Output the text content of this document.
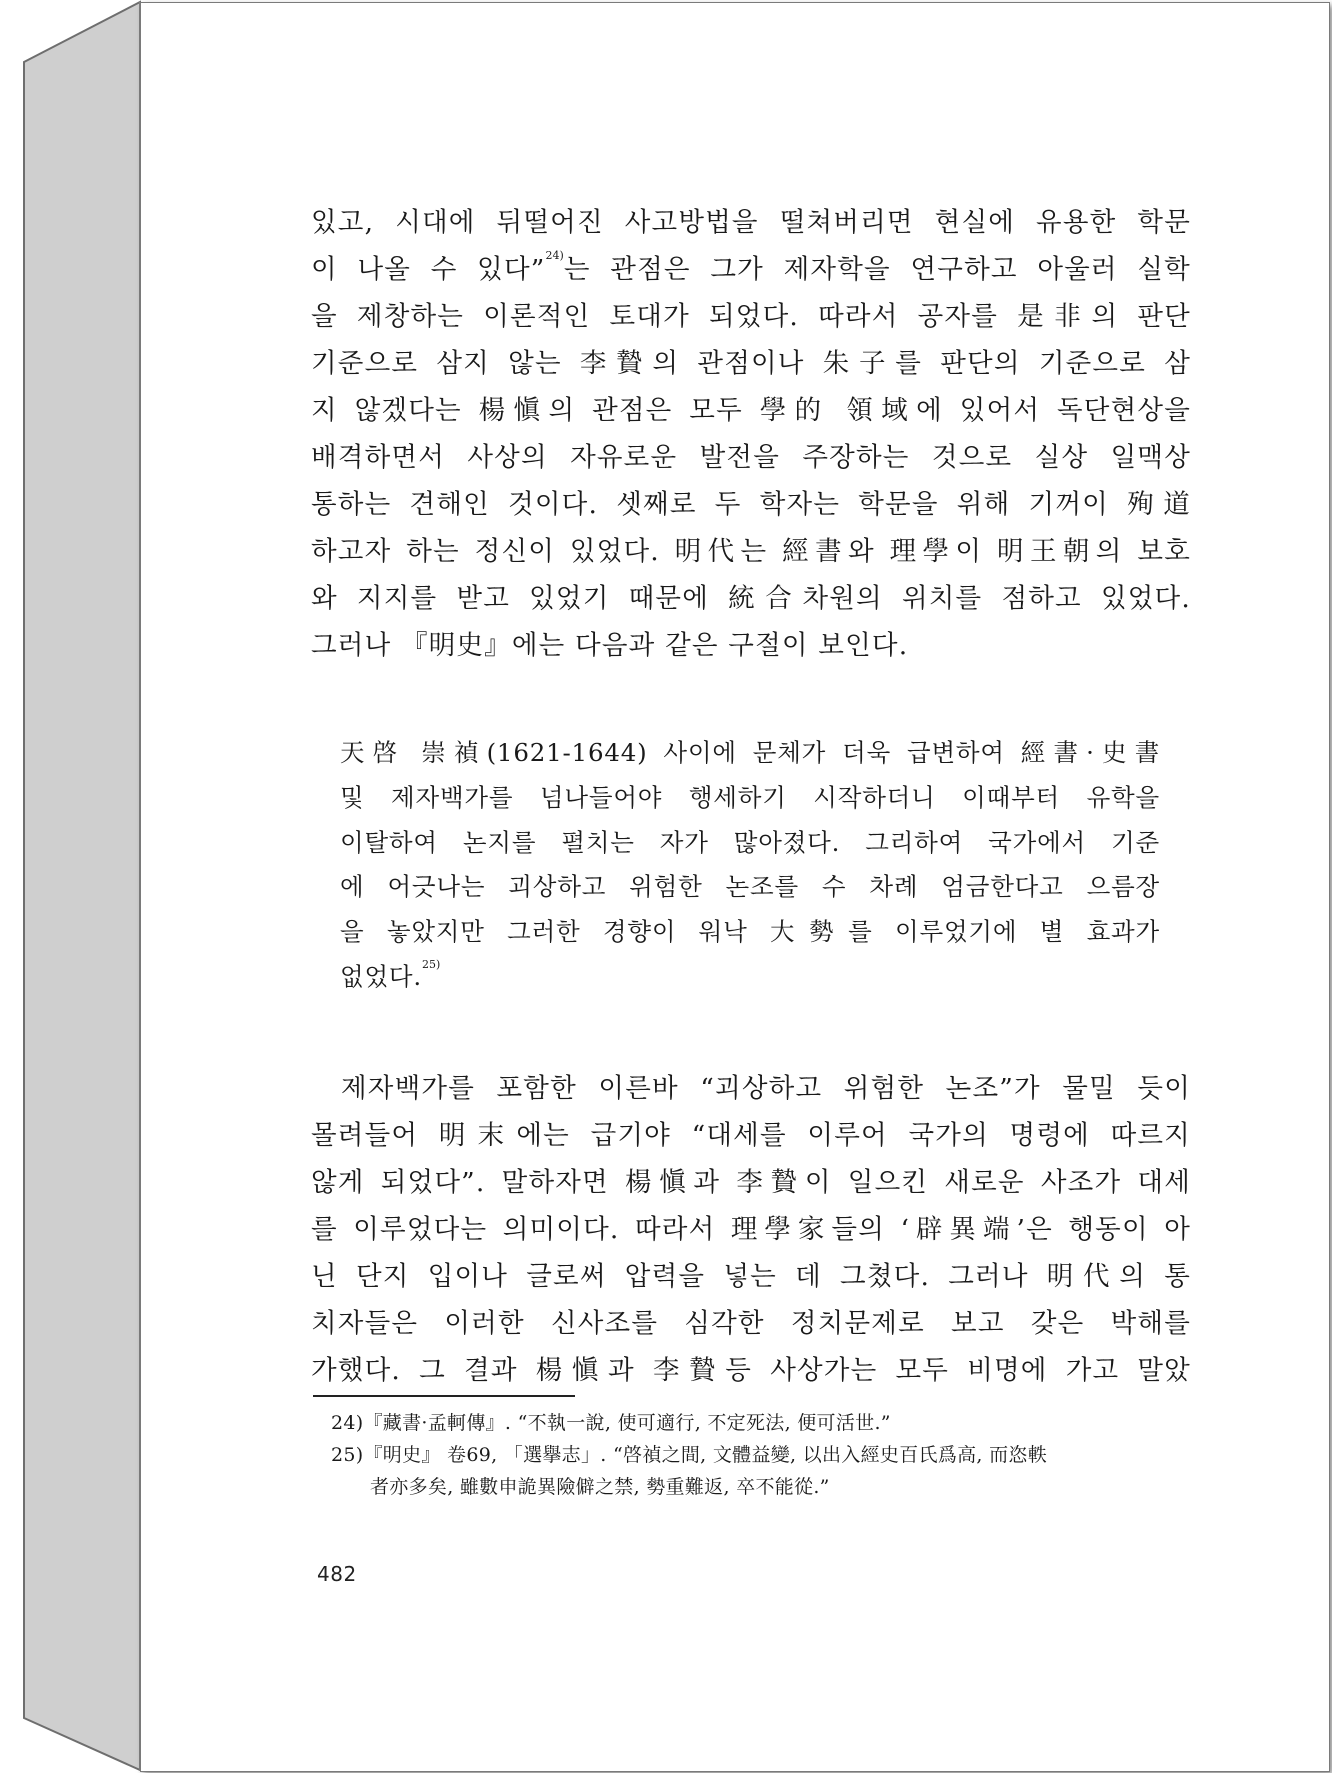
있고, 시대에 뒤떨어진 사고방법을 떨쳐버리면 현실에 유용한 학문
이 나올 수 있다”$^{24)}$는 관점은 그가 제자학을 연구하고 아울러 실학
을 제창하는 이론적인 토대가 되었다. 따라서 공자를 是非의 판단
기준으로 삼지 않는 李贄의 관점이나 朱子를 판단의 기준으로 삼
지 않겠다는 楊愼의 관점은 모두 學的 領域에 있어서 독단현상을
배격하면서 사상의 자유로운 발전을 주장하는 것으로 실상 일맥상
통하는 견해인 것이다. 셋째로 두 학자는 학문을 위해 기꺼이 殉道
하고자 하는 정신이 있었다. 明代는 經書와 理學이 明王朝의 보호
와 지지를 받고 있었기 때문에 統合차원의 위치를 점하고 있었다.
그러나 『明史』에는 다음과 같은 구절이 보인다.
天啓 崇禎(1621-1644) 사이에 문체가 더욱 급변하여 經書·史書
및 제자백가를 넘나들어야 행세하기 시작하더니 이때부터 유학을
이탈하여 논지를 펼치는 자가 많아졌다. 그리하여 국가에서 기준
에 어긋나는 괴상하고 위험한 논조를 수 차례 엄금한다고 으름장
을 놓았지만 그러한 경향이 워낙 大勢를 이루었기에 별 효과가
없었다.$^{25)}$
제자백가를 포함한 이른바 “괴상하고 위험한 논조”가 물밀 듯이
몰려들어 明末에는 급기야 “대세를 이루어 국가의 명령에 따르지
않게 되었다”. 말하자면 楊愼과 李贄이 일으킨 새로운 사조가 대세
를 이루었다는 의미이다. 따라서 理學家들의 ‘辟異端’은 행동이 아
닌 단지 입이나 글로써 압력을 넣는 데 그쳤다. 그러나 明代의 통
치자들은 이러한 신사조를 심각한 정치문제로 보고 갖은 박해를
가했다. 그 결과 楊愼과 李贄등 사상가는 모두 비명에 가고 말았
24)『藏書·孟軻傳』. “不執一說, 使可適行, 不定死法, 便可活世.”
25)『明史』 卷69, 「選擧志」. “啓禎之間, 文體益變, 以出入經史百氏爲高, 而恣軼
者亦多矣, 雖數申詭異險僻之禁, 勢重難返, 卒不能從.”
482
